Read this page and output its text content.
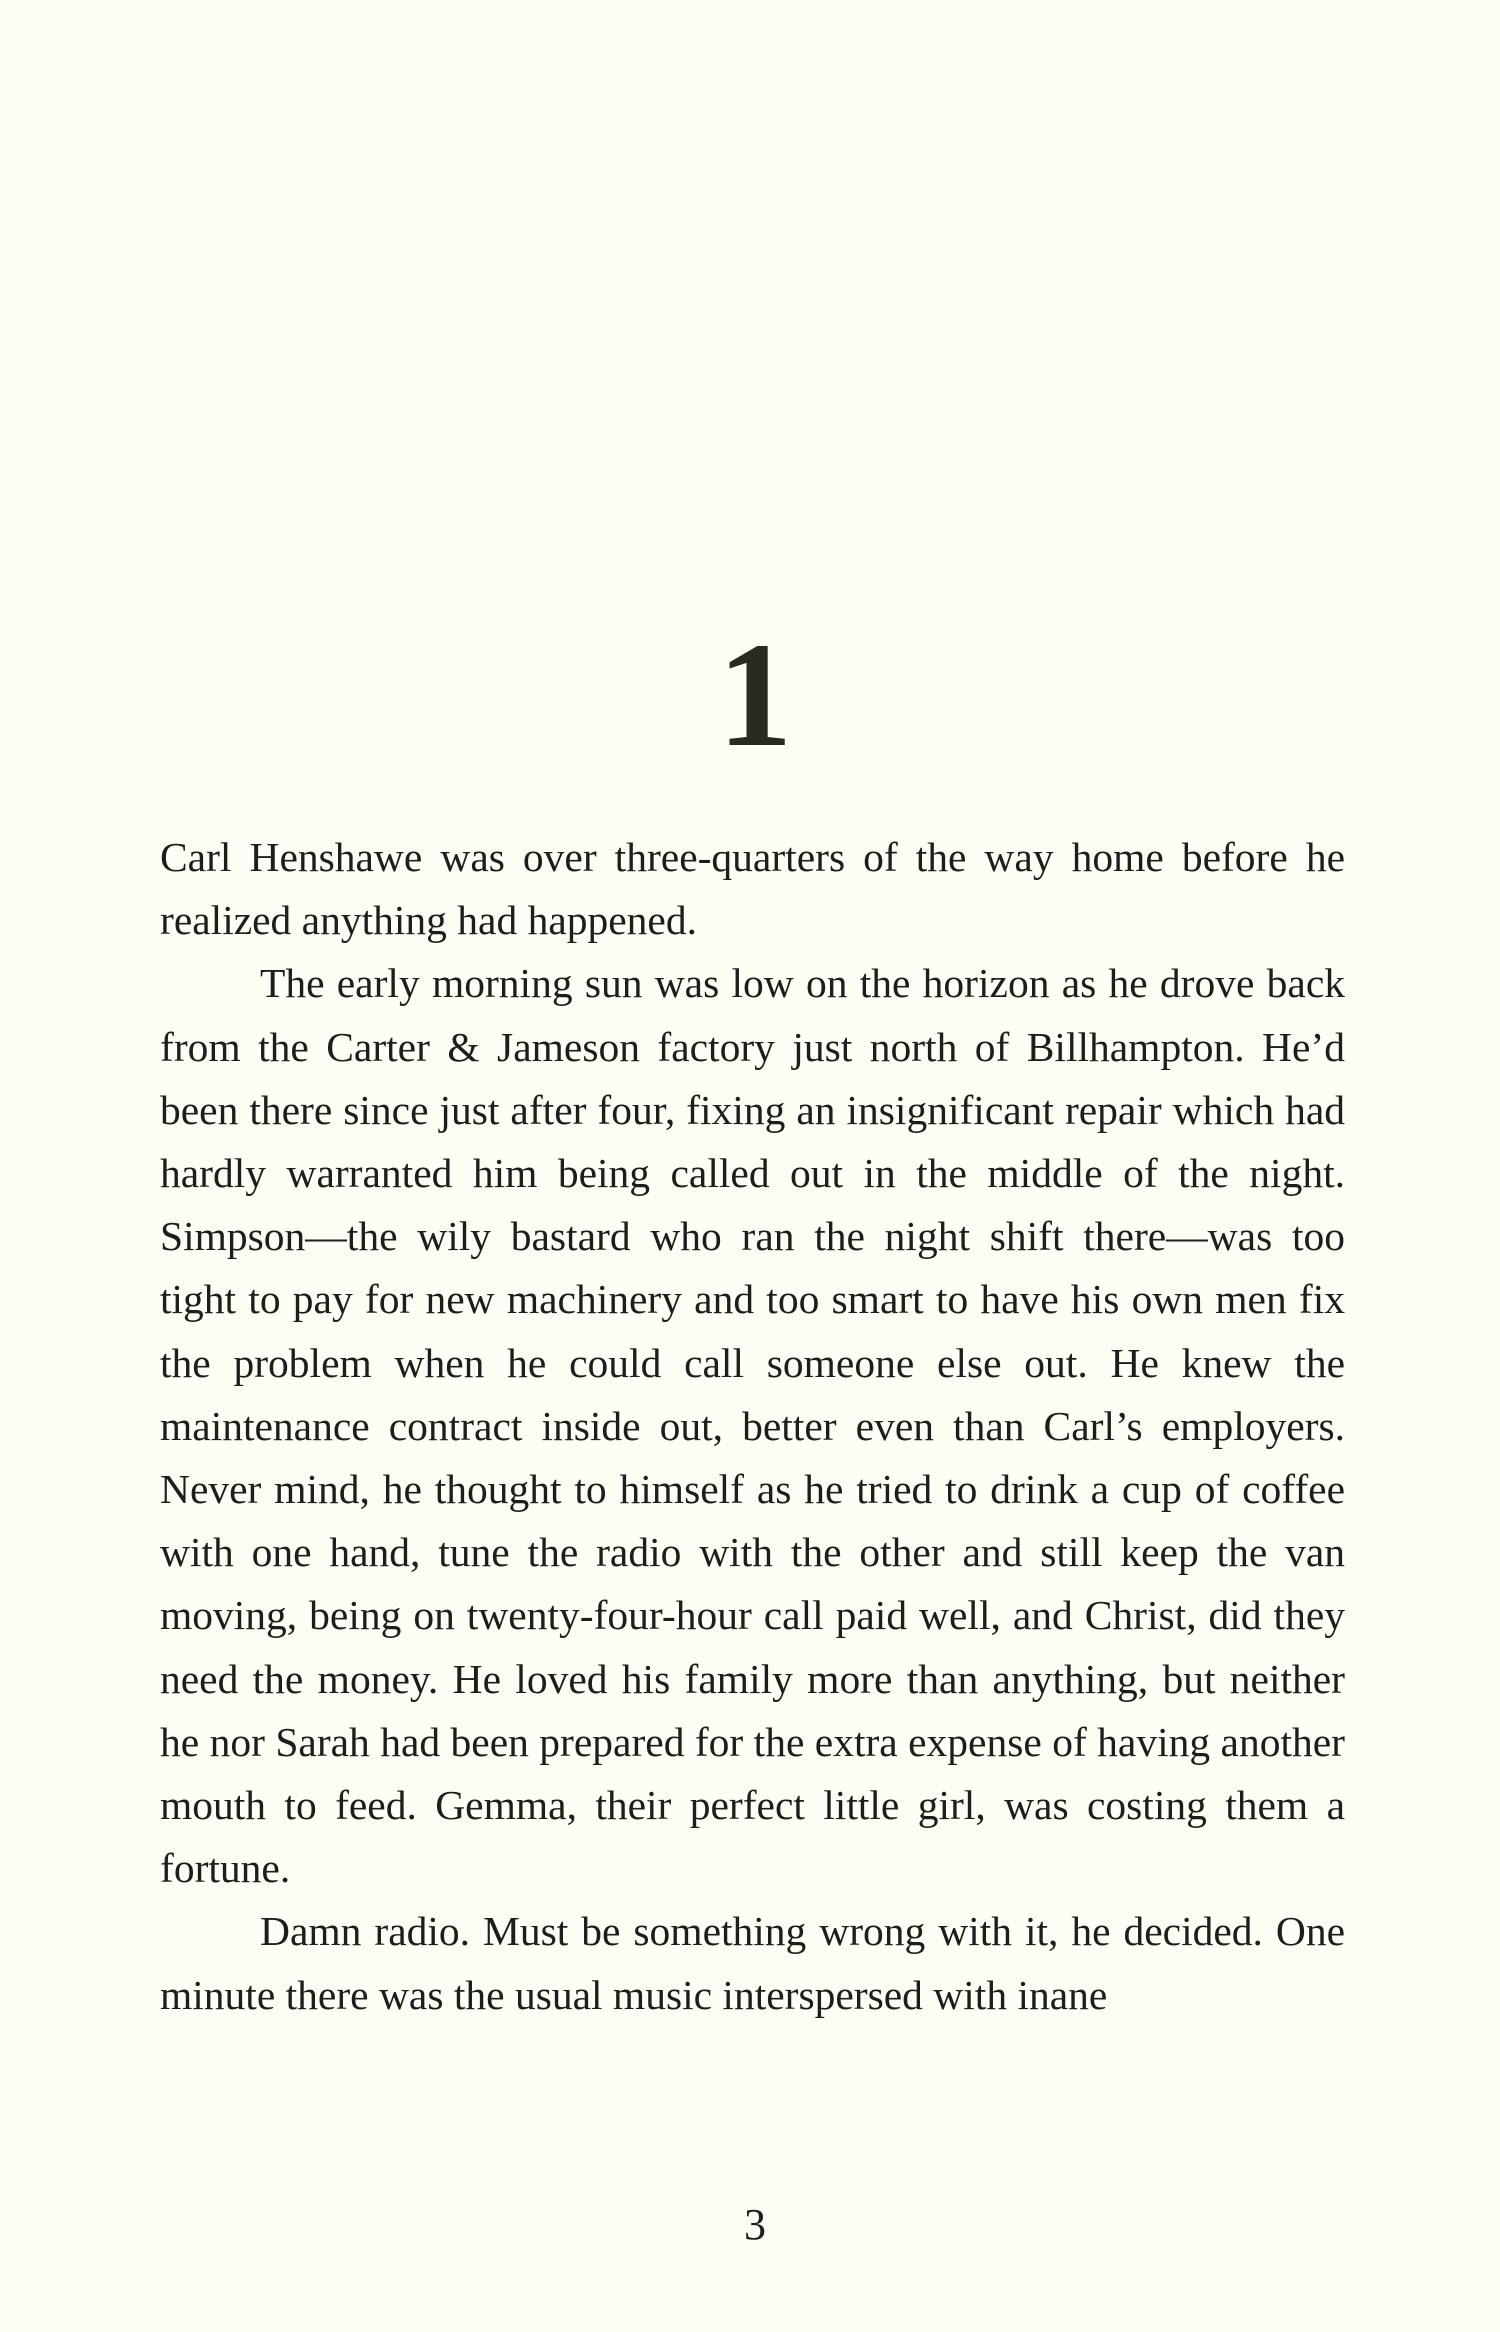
1

Carl Henshawe was over three-quarters of the way home before he realized anything had happened.

The early morning sun was low on the horizon as he drove back from the Carter & Jameson factory just north of Billhampton. He’d been there since just after four, fixing an insignificant repair which had hardly warranted him being called out in the middle of the night. Simpson—the wily bastard who ran the night shift there—was too tight to pay for new machinery and too smart to have his own men fix the problem when he could call someone else out. He knew the maintenance contract inside out, better even than Carl’s employers. Never mind, he thought to himself as he tried to drink a cup of coffee with one hand, tune the radio with the other and still keep the van moving, being on twenty-four-hour call paid well, and Christ, did they need the money. He loved his family more than anything, but neither he nor Sarah had been prepared for the extra expense of having another mouth to feed. Gemma, their perfect little girl, was costing them a fortune.

Damn radio. Must be something wrong with it, he decided. One minute there was the usual music interspersed with inane

3
